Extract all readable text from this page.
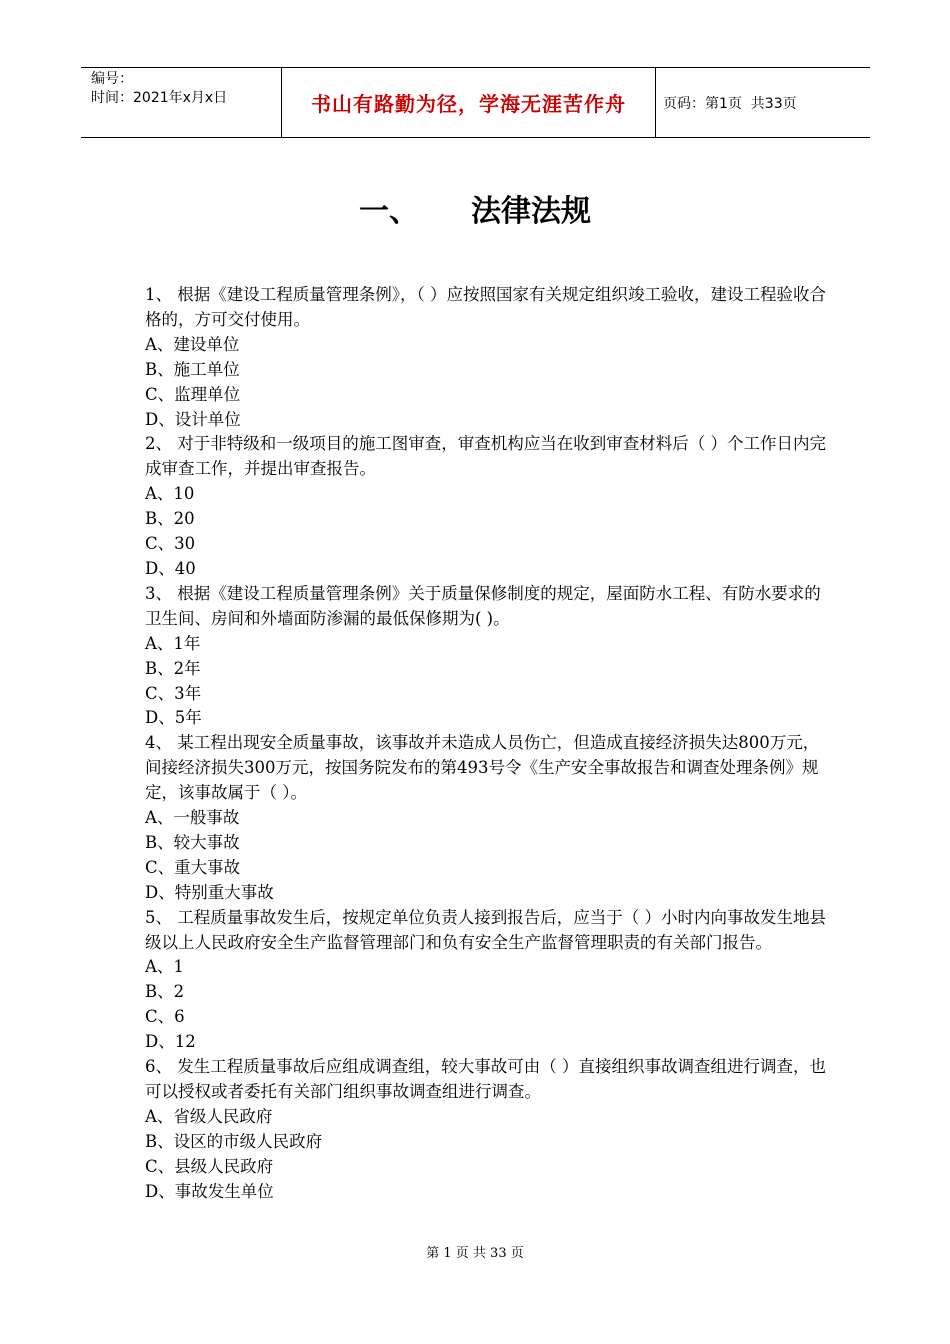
编号：
时间：2021年x月x日	书山有路勤为径，学海无涯苦作舟	页码：第1页  共33页
一、 法律法规

1、 根据《建设工程质量管理条例》，（ ）应按照国家有关规定组织竣工验收，建设工程验收合格的，方可交付使用。

A、建设单位

B、施工单位

C、监理单位

D、设计单位

2、 对于非特级和一级项目的施工图审查，审查机构应当在收到审查材料后（ ）个工作日内完成审查工作，并提出审查报告。

A、10

B、20

C、30

D、40

3、 根据《建设工程质量管理条例》关于质量保修制度的规定，屋面防水工程、有防水要求的卫生间、房间和外墙面防渗漏的最低保修期为( )。

A、1年

B、2年

C、3年

D、5年

4、 某工程出现安全质量事故，该事故并未造成人员伤亡，但造成直接经济损失达800万元，间接经济损失300万元，按国务院发布的第493号令《生产安全事故报告和调查处理条例》规定，该事故属于（ ）。

A、一般事故

B、较大事故

C、重大事故

D、特别重大事故

5、 工程质量事故发生后，按规定单位负责人接到报告后，应当于（ ）小时内向事故发生地县级以上人民政府安全生产监督管理部门和负有安全生产监督管理职责的有关部门报告。

A、1

B、2

C、6

D、12

6、 发生工程质量事故后应组成调查组，较大事故可由（ ）直接组织事故调查组进行调查，也可以授权或者委托有关部门组织事故调查组进行调查。

A、省级人民政府

B、设区的市级人民政府

C、县级人民政府

D、事故发生单位

第 1 页 共 33 页
